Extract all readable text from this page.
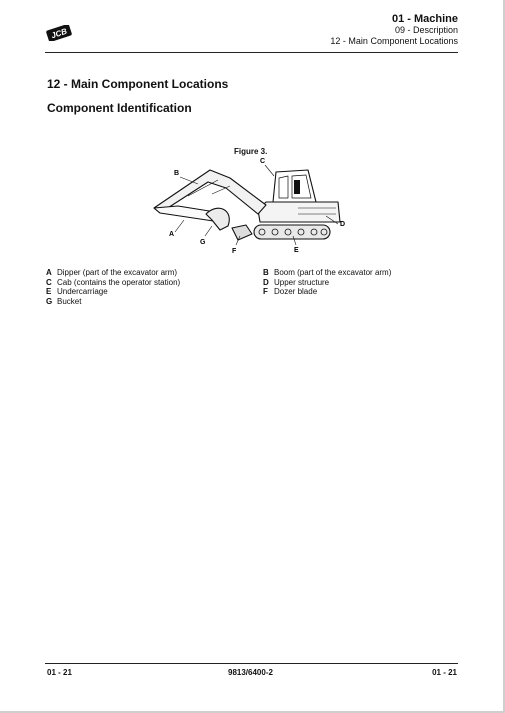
JCB
01 - Machine
09 - Description
12 - Main Component Locations
12 - Main Component Locations
Component Identification
Figure 3.
B
C
D
E
F
G
A
A Dipper (part of the excavator arm)
C Cab (contains the operator station)
E Undercarriage
G Bucket
B Boom (part of the excavator arm)
D Upper structure
F Dozer blade
01 - 21	9813/6400-2	01 - 21
